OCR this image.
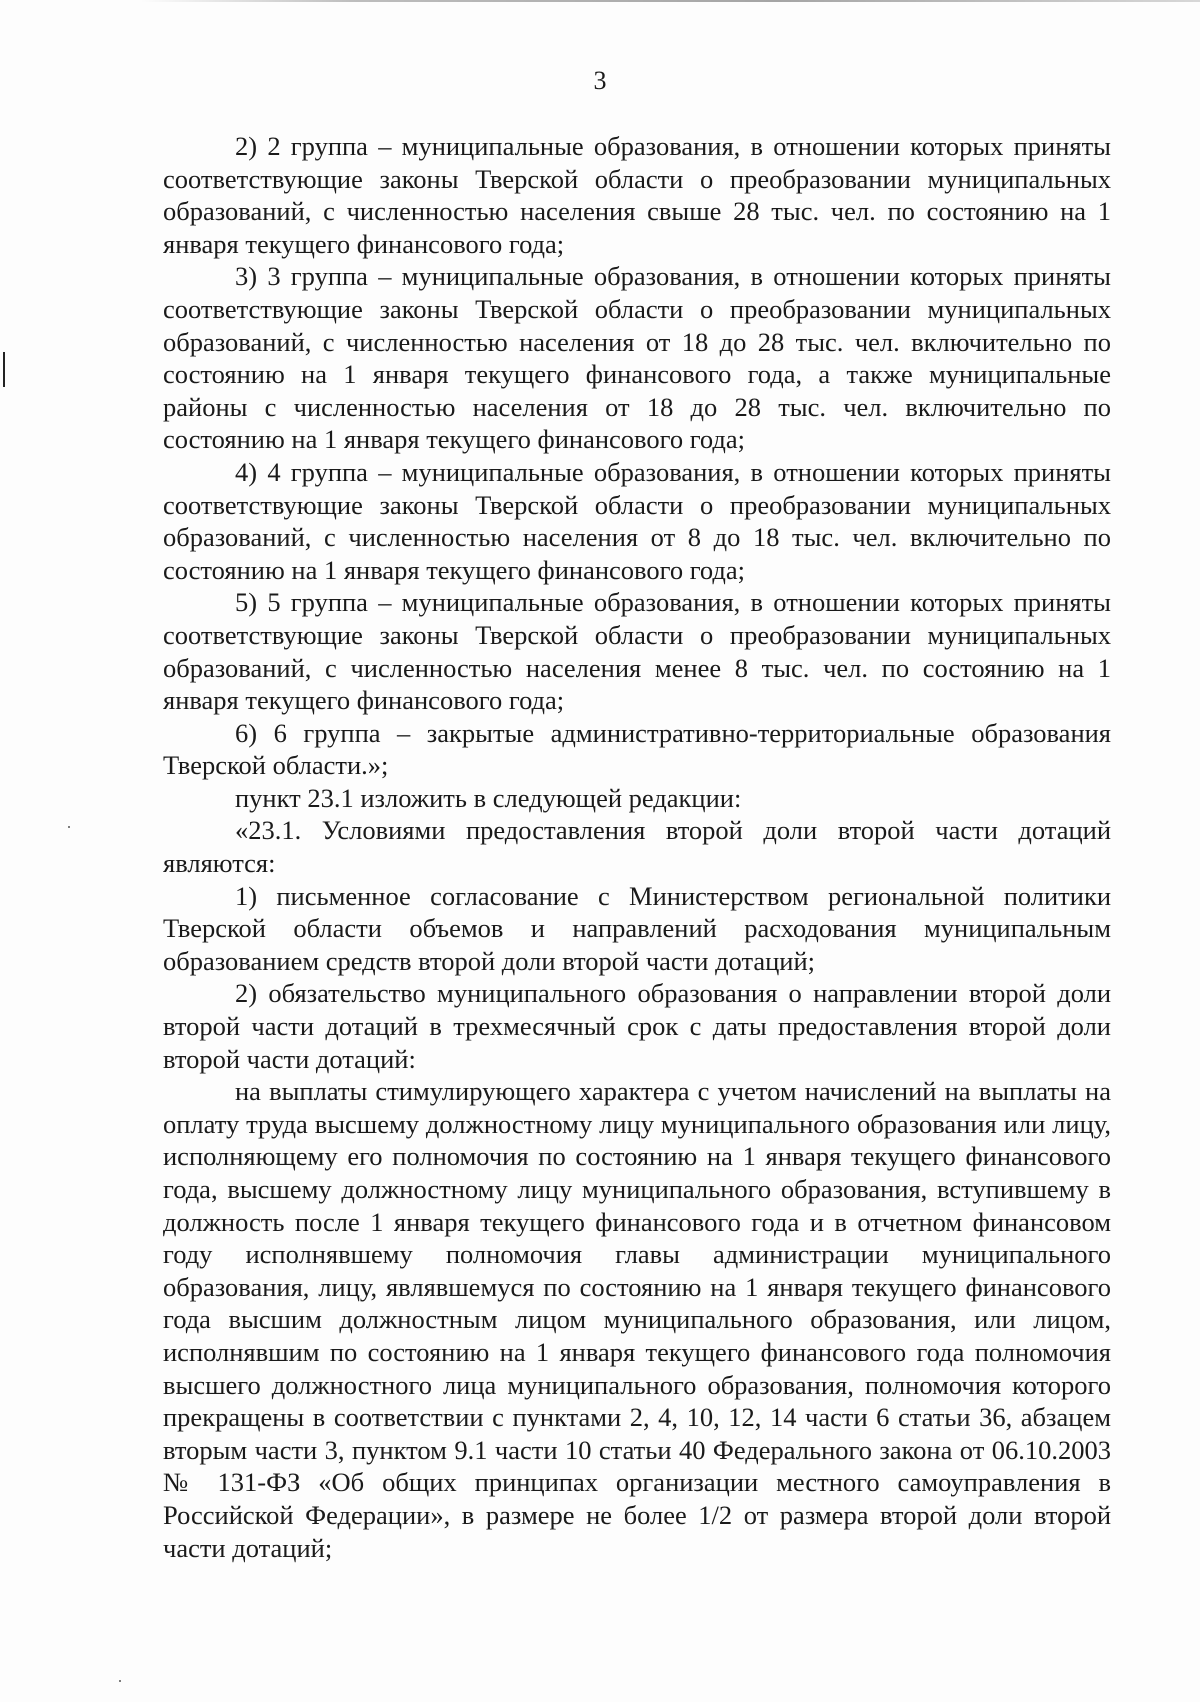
3

2) 2 группа – муниципальные образования, в отношении которых приняты соответствующие законы Тверской области о преобразовании муниципальных образований, с численностью населения свыше 28 тыс. чел. по состоянию на 1 января текущего финансового года;

3) 3 группа – муниципальные образования, в отношении которых приняты соответствующие законы Тверской области о преобразовании муниципальных образований, с численностью населения от 18 до 28 тыс. чел. включительно по состоянию на 1 января текущего финансового года, а также муниципальные районы с численностью населения от 18 до 28 тыс. чел. включительно по состоянию на 1 января текущего финансового года;

4) 4 группа – муниципальные образования, в отношении которых приняты соответствующие законы Тверской области о преобразовании муниципальных образований, с численностью населения от 8 до 18 тыс. чел. включительно по состоянию на 1 января текущего финансового года;

5) 5 группа – муниципальные образования, в отношении которых приняты соответствующие законы Тверской области о преобразовании муниципальных образований, с численностью населения менее 8 тыс. чел. по состоянию на 1 января текущего финансового года;

6) 6 группа – закрытые административно-территориальные образования Тверской области.»;

пункт 23.1 изложить в следующей редакции:

«23.1. Условиями предоставления второй доли второй части дотаций являются:

1) письменное согласование с Министерством региональной политики Тверской области объемов и направлений расходования муниципальным образованием средств второй доли второй части дотаций;

2) обязательство муниципального образования о направлении второй доли второй части дотаций в трехмесячный срок с даты предоставления второй доли второй части дотаций:

на выплаты стимулирующего характера с учетом начислений на выплаты на оплату труда высшему должностному лицу муниципального образования или лицу, исполняющему его полномочия по состоянию на 1 января текущего финансового года, высшему должностному лицу муниципального образования, вступившему в должность после 1 января текущего финансового года и в отчетном финансовом году исполнявшему полномочия главы администрации муниципального образования, лицу, являвшемуся по состоянию на 1 января текущего финансового года высшим должностным лицом муниципального образования, или лицом, исполнявшим по состоянию на 1 января текущего финансового года полномочия высшего должностного лица муниципального образования, полномочия которого прекращены в соответствии с пунктами 2, 4, 10, 12, 14 части 6 статьи 36, абзацем вторым части 3, пунктом 9.1 части 10 статьи 40 Федерального закона от 06.10.2003 № 131-ФЗ «Об общих принципах организации местного самоуправления в Российской Федерации», в размере не более 1/2 от размера второй доли второй части дотаций;
